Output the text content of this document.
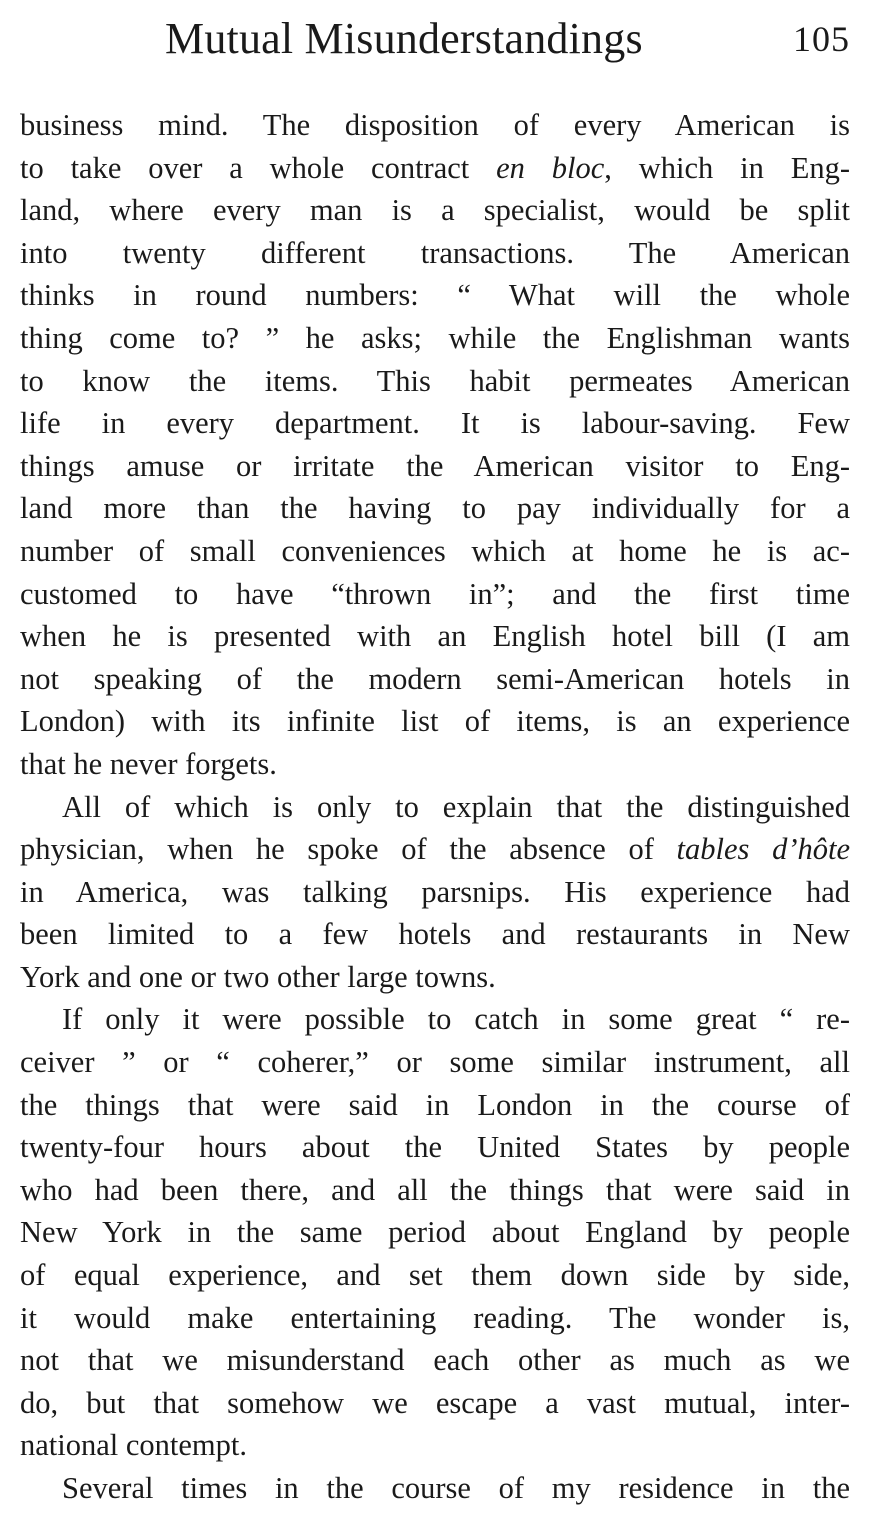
Mutual Misunderstandings	105
business mind. The disposition of every American is
to take over a whole contract en bloc, which in Eng-
land, where every man is a specialist, would be split
into twenty different transactions. The American
thinks in round numbers: “ What will the whole
thing come to? ” he asks; while the Englishman wants
to know the items. This habit permeates American
life in every department. It is labour-saving. Few
things amuse or irritate the American visitor to Eng-
land more than the having to pay individually for a
number of small conveniences which at home he is ac-
customed to have “thrown in”; and the first time
when he is presented with an English hotel bill (I am
not speaking of the modern semi-American hotels in
London) with its infinite list of items, is an experience
that he never forgets.
All of which is only to explain that the distinguished
physician, when he spoke of the absence of tables d’hôte
in America, was talking parsnips. His experience had
been limited to a few hotels and restaurants in New
York and one or two other large towns.
If only it were possible to catch in some great “ re-
ceiver ” or “ coherer,” or some similar instrument, all
the things that were said in London in the course of
twenty-four hours about the United States by people
who had been there, and all the things that were said in
New York in the same period about England by people
of equal experience, and set them down side by side,
it would make entertaining reading. The wonder is,
not that we misunderstand each other as much as we
do, but that somehow we escape a vast mutual, inter-
national contempt.
Several times in the course of my residence in the
